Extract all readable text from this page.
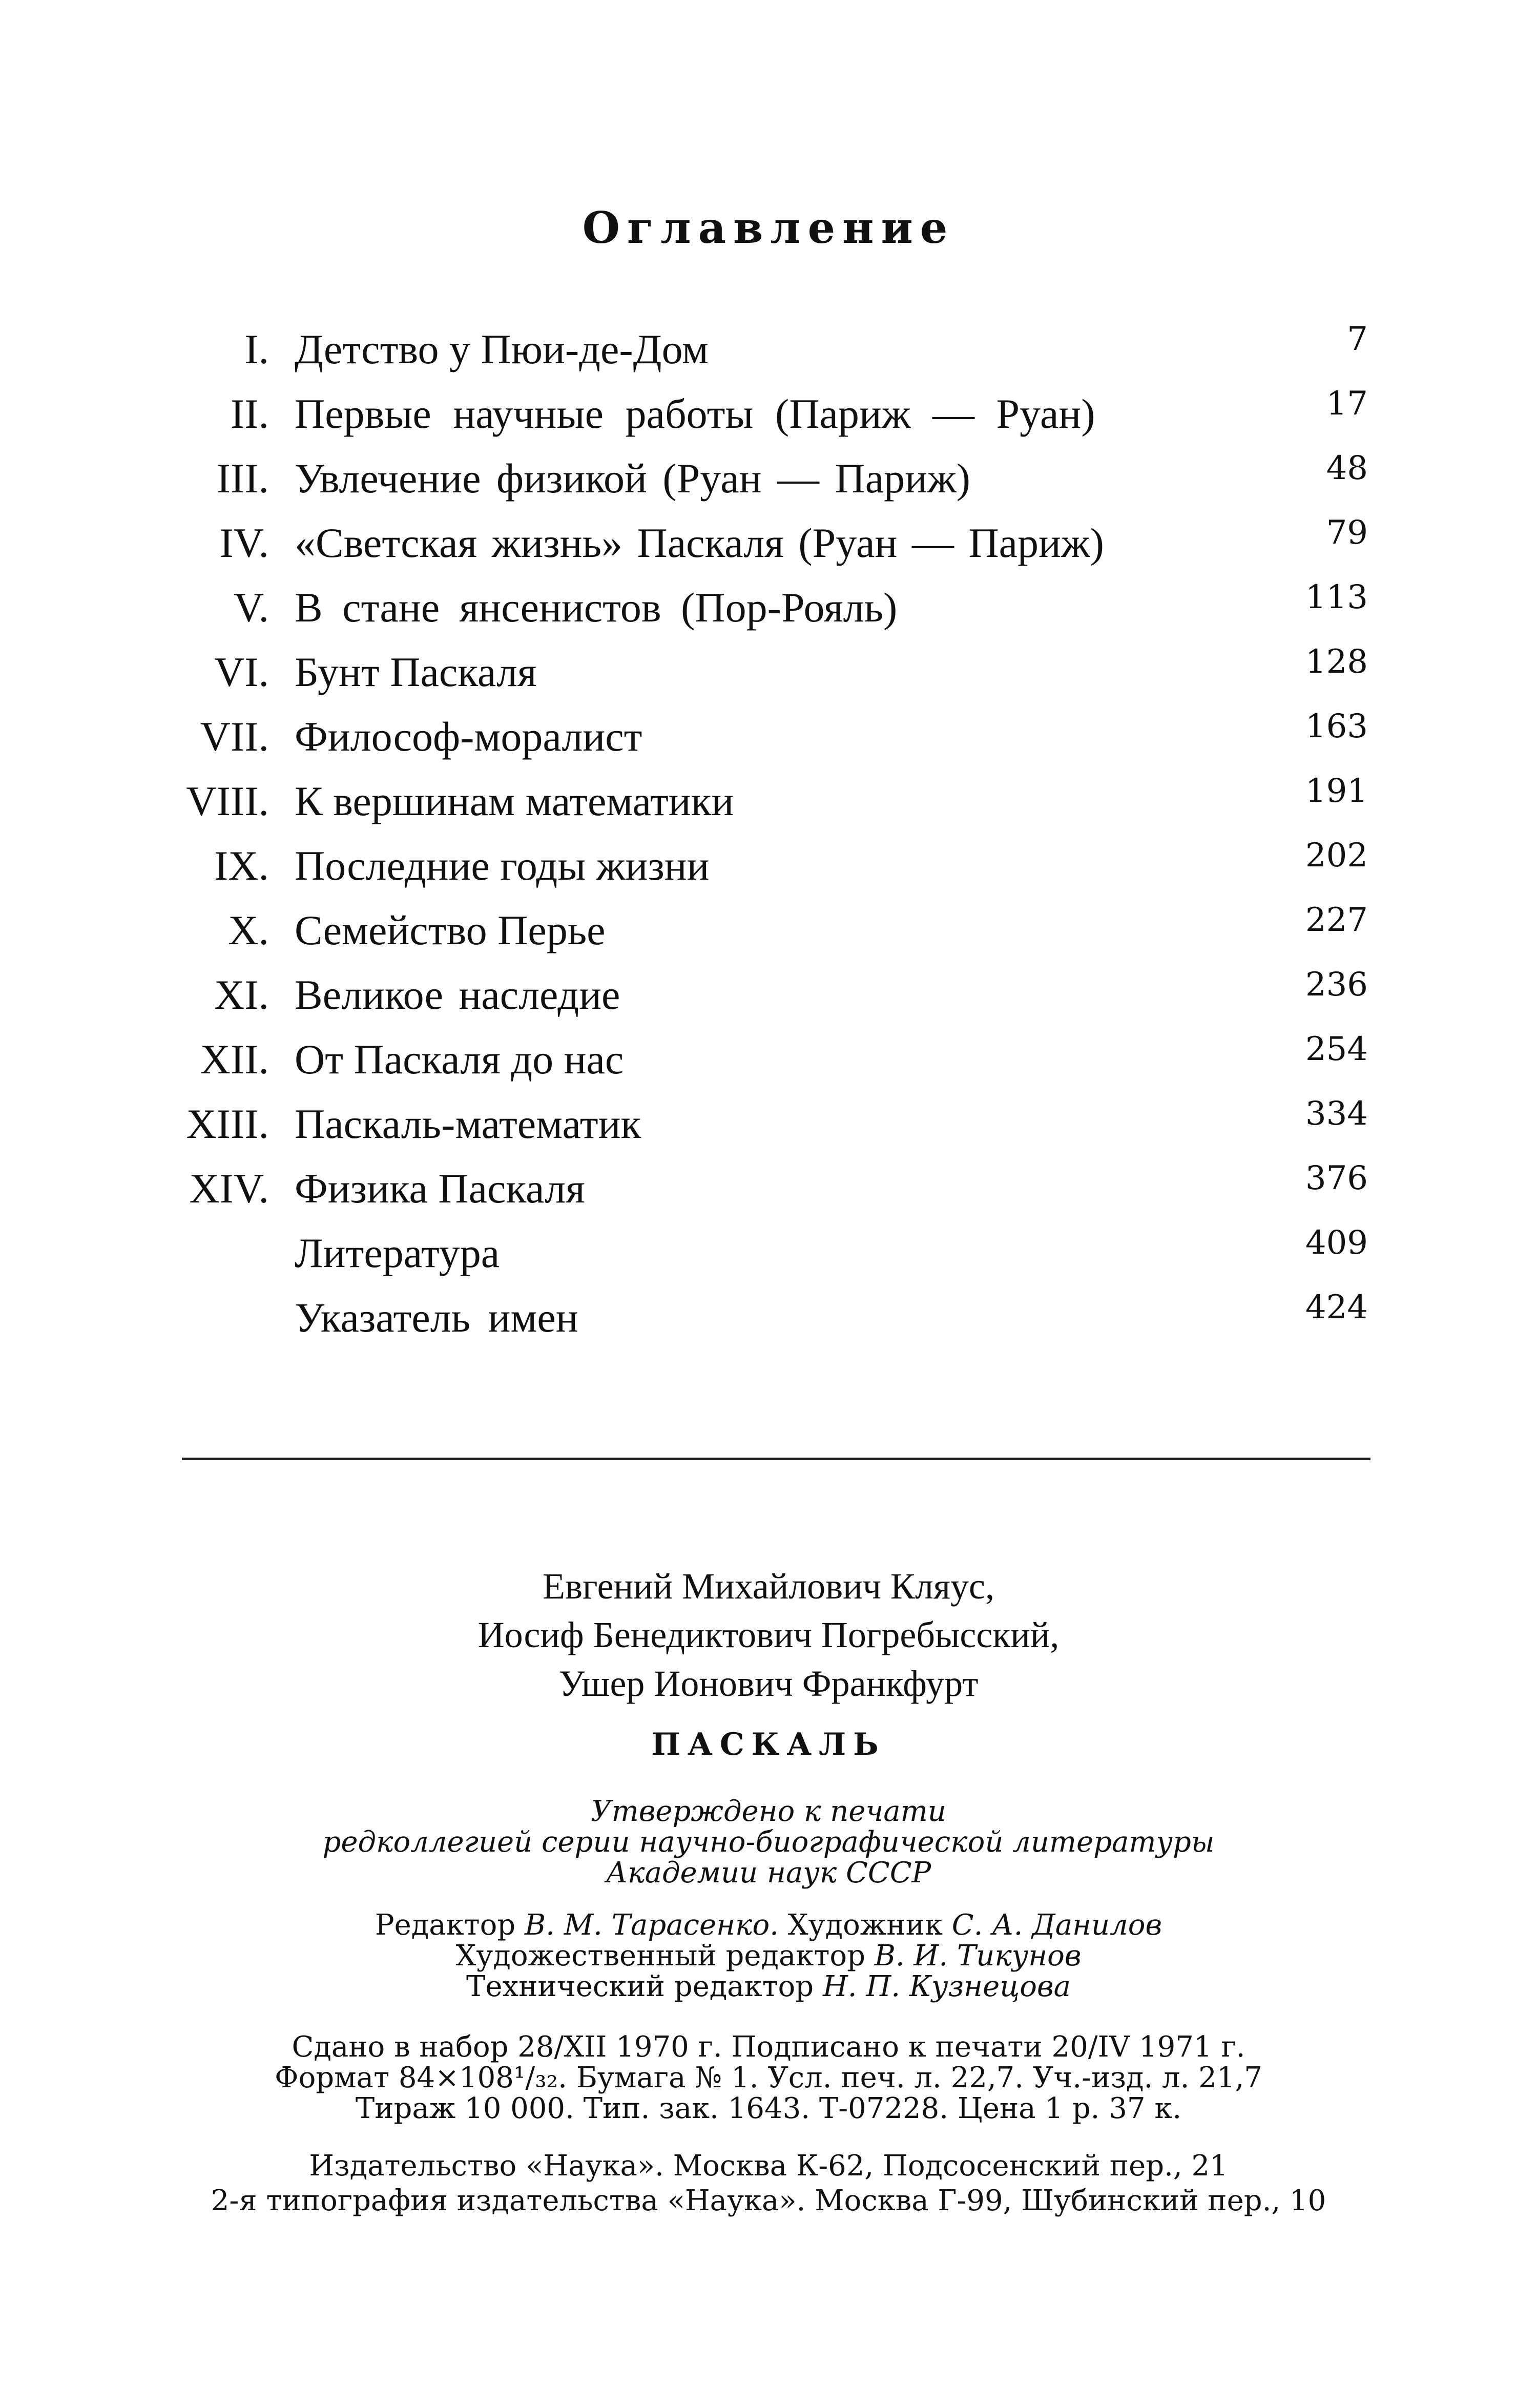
Оглавление
I. Детство у Пюи-де-Дом	7
II. Первые научные работы (Париж — Руан)	17
III. Увлечение физикой (Руан — Париж)	48
IV. «Светская жизнь» Паскаля (Руан — Париж)	79
V. В стане янсенистов (Пор-Рояль)	113
VI. Бунт Паскаля	128
VII. Философ-моралист	163
VIII. К вершинам математики	191
IX. Последние годы жизни	202
X. Семейство Перье	227
XI. Великое наследие	236
XII. От Паскаля до нас	254
XIII. Паскаль-математик	334
XIV. Физика Паскаля	376
Литература	409
Указатель имен	424
Евгений Михайлович Кляус,
Иосиф Бенедиктович Погребысский,
Ушер Ионович Франкфурт
ПАСКАЛЬ
Утверждено к печати
редколлегией серии научно-биографической литературы
Академии наук СССР
Редактор В. М. Тарасенко. Художник С. А. Данилов
Художественный редактор В. И. Тикунов
Технический редактор Н. П. Кузнецова
Сдано в набор 28/XII 1970 г. Подписано к печати 20/IV 1971 г.
Формат 84×108¹/₃₂. Бумага № 1. Усл. печ. л. 22,7. Уч.-изд. л. 21,7
Тираж 10 000. Тип. зак. 1643. Т-07228. Цена 1 р. 37 к.
Издательство «Наука». Москва К-62, Подсосенский пер., 21
2-я типография издательства «Наука». Москва Г-99, Шубинский пер., 10
